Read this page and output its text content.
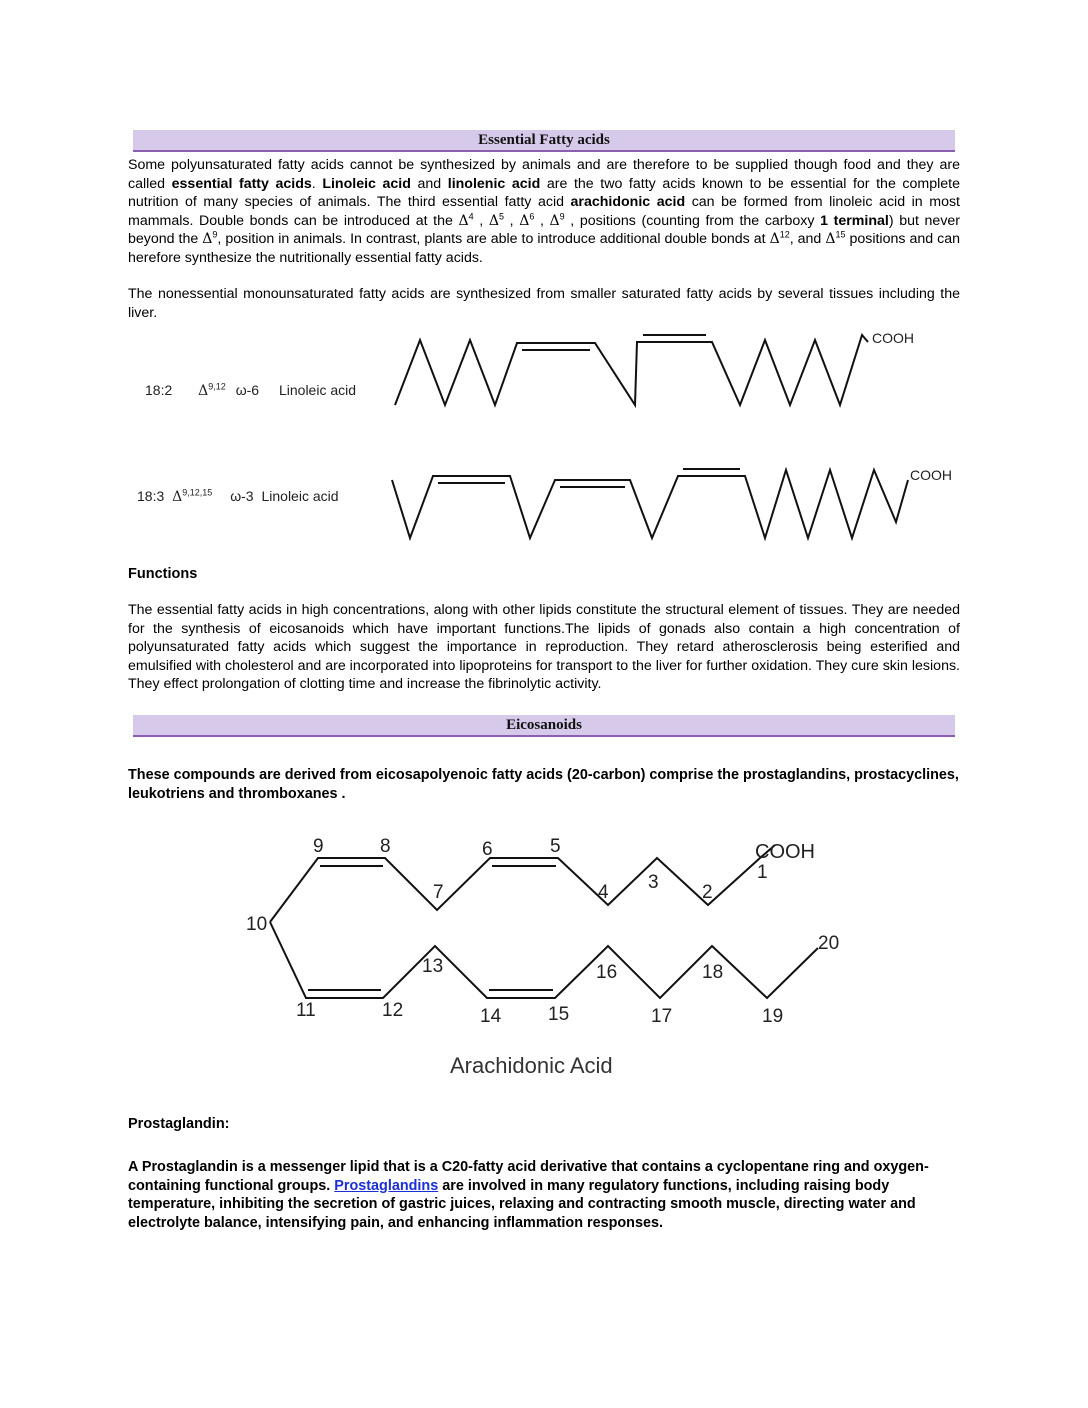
Essential Fatty acids

Some polyunsaturated fatty acids cannot be synthesized by animals and are therefore to be supplied though food and they are called essential fatty acids. Linoleic acid and linolenic acid are the two fatty acids known to be essential for the complete nutrition of many species of animals. The third essential fatty acid arachidonic acid can be formed from linoleic acid in most mammals. Double bonds can be introduced at the $\Delta^4$ , $\Delta^5$ , $\Delta^6$ , $\Delta^9$ , positions (counting from the carboxy 1 terminal) but never beyond the $\Delta^9$, position in animals. In contrast, plants are able to introduce additional double bonds at $\Delta^{12}$, and $\Delta^{15}$ positions and can herefore synthesize the nutritionally essential fatty acids.

The nonessential monounsaturated fatty acids are synthesized from smaller saturated fatty acids by several tissues including the liver.

18:2 Δ$^{9,12}$ ω-6 Linoleic acid
18:3 Δ$^{9,12,15}$ ω-3 Linoleic acid
COOH
COOH
COOH
1
2
3
4
5
6
7
8
9
10
11	12
13
14 15
16
17
18
19
20
Arachidonic Acid

Functions

The essential fatty acids in high concentrations, along with other lipids constitute the structural element of tissues. They are needed for the synthesis of eicosanoids which have important functions.The lipids of gonads also contain a high concentration of polyunsaturated fatty acids which suggest the importance in reproduction. They retard atherosclerosis being esterified and emulsified with cholesterol and are incorporated into lipoproteins for transport to the liver for further oxidation. They cure skin lesions. They effect prolongation of clotting time and increase the fibrinolytic activity.

Eicosanoids

These compounds are derived from eicosapolyenoic fatty acids (20-carbon) comprise the prostaglandins, prostacyclines, leukotriens and thromboxanes .

Prostaglandin:

A Prostaglandin is a messenger lipid that is a C20-fatty acid derivative that contains a cyclopentane ring and oxygen-containing functional groups. Prostaglandins are involved in many regulatory functions, including raising body temperature, inhibiting the secretion of gastric juices, relaxing and contracting smooth muscle, directing water and electrolyte balance, intensifying pain, and enhancing inflammation responses.
